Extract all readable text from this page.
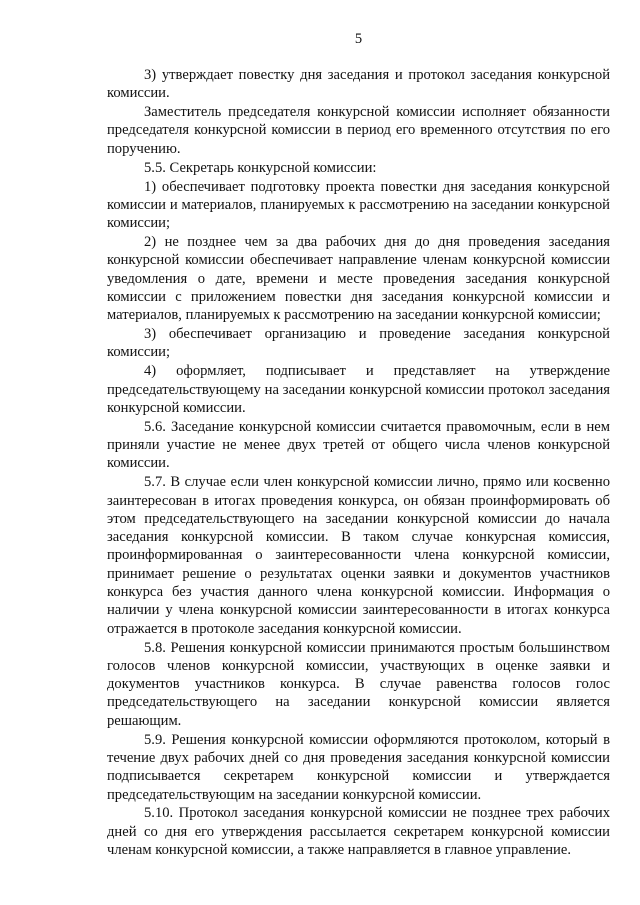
5

3) утверждает повестку дня заседания и протокол заседания конкурсной комиссии.

Заместитель председателя конкурсной комиссии исполняет обязанности председателя конкурсной комиссии в период его временного отсутствия по его поручению.

5.5. Секретарь конкурсной комиссии:

1) обеспечивает подготовку проекта повестки дня заседания конкурсной комиссии и материалов, планируемых к рассмотрению на заседании конкурсной комиссии;

2) не позднее чем за два рабочих дня до дня проведения заседания конкурсной комиссии обеспечивает направление членам конкурсной комиссии уведомления о дате, времени и месте проведения заседания конкурсной комиссии с приложением повестки дня заседания конкурсной комиссии и материалов, планируемых к рассмотрению на заседании конкурсной комиссии;

3) обеспечивает организацию и проведение заседания конкурсной комиссии;

4) оформляет, подписывает и представляет на утверждение председательствующему на заседании конкурсной комиссии протокол заседания конкурсной комиссии.

5.6. Заседание конкурсной комиссии считается правомочным, если в нем приняли участие не менее двух третей от общего числа членов конкурсной комиссии.

5.7. В случае если член конкурсной комиссии лично, прямо или косвенно заинтересован в итогах проведения конкурса, он обязан проинформировать об этом председательствующего на заседании конкурсной комиссии до начала заседания конкурсной комиссии. В таком случае конкурсная комиссия, проинформированная о заинтересованности члена конкурсной комиссии, принимает решение о результатах оценки заявки и документов участников конкурса без участия данного члена конкурсной комиссии. Информация о наличии у члена конкурсной комиссии заинтересованности в итогах конкурса отражается в протоколе заседания конкурсной комиссии.

5.8. Решения конкурсной комиссии принимаются простым большинством голосов членов конкурсной комиссии, участвующих в оценке заявки и документов участников конкурса. В случае равенства голосов голос председательствующего на заседании конкурсной комиссии является решающим.

5.9. Решения конкурсной комиссии оформляются протоколом, который в течение двух рабочих дней со дня проведения заседания конкурсной комиссии подписывается секретарем конкурсной комиссии и утверждается председательствующим на заседании конкурсной комиссии.

5.10. Протокол заседания конкурсной комиссии не позднее трех рабочих дней со дня его утверждения рассылается секретарем конкурсной комиссии членам конкурсной комиссии, а также направляется в главное управление.
